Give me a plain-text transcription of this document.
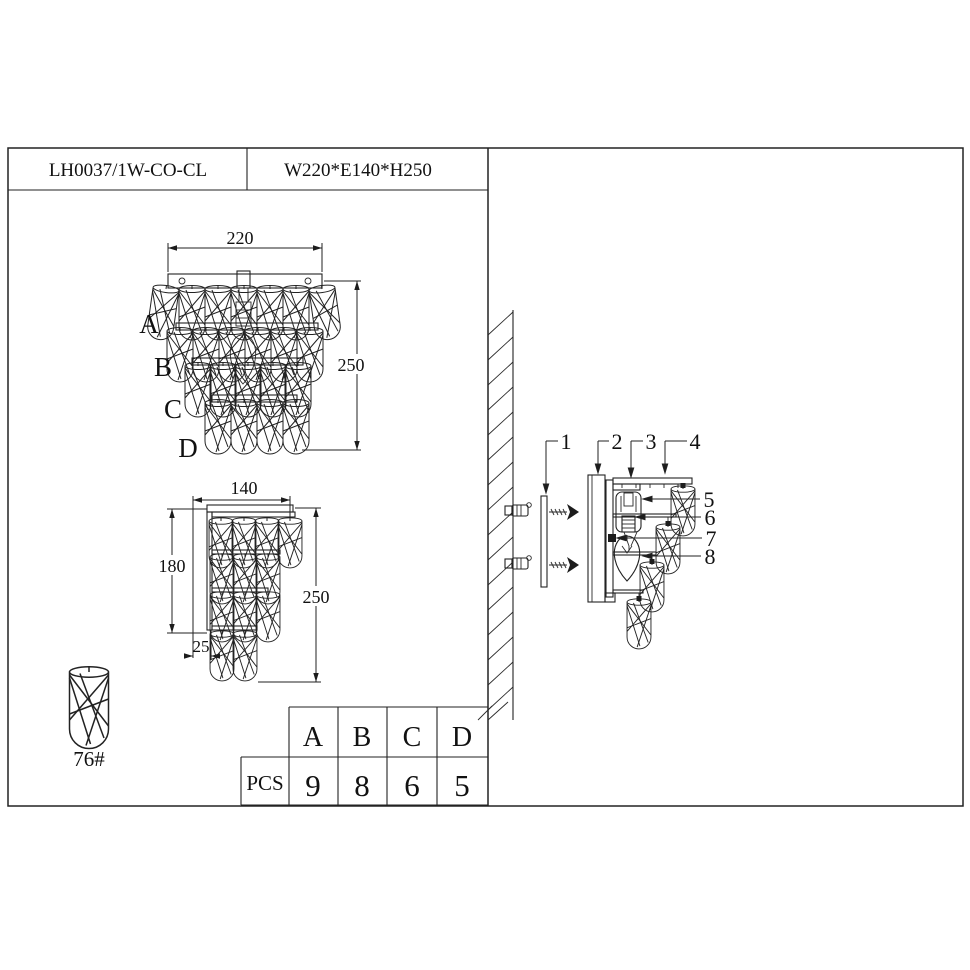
LH0037/1W-CO-CL	W220*E140*H250
A
B
C
D
220
250
140
180
250
25
76#
A B C D
PCS 9 8 6 5
1 2 3 4
5
6
7
8
